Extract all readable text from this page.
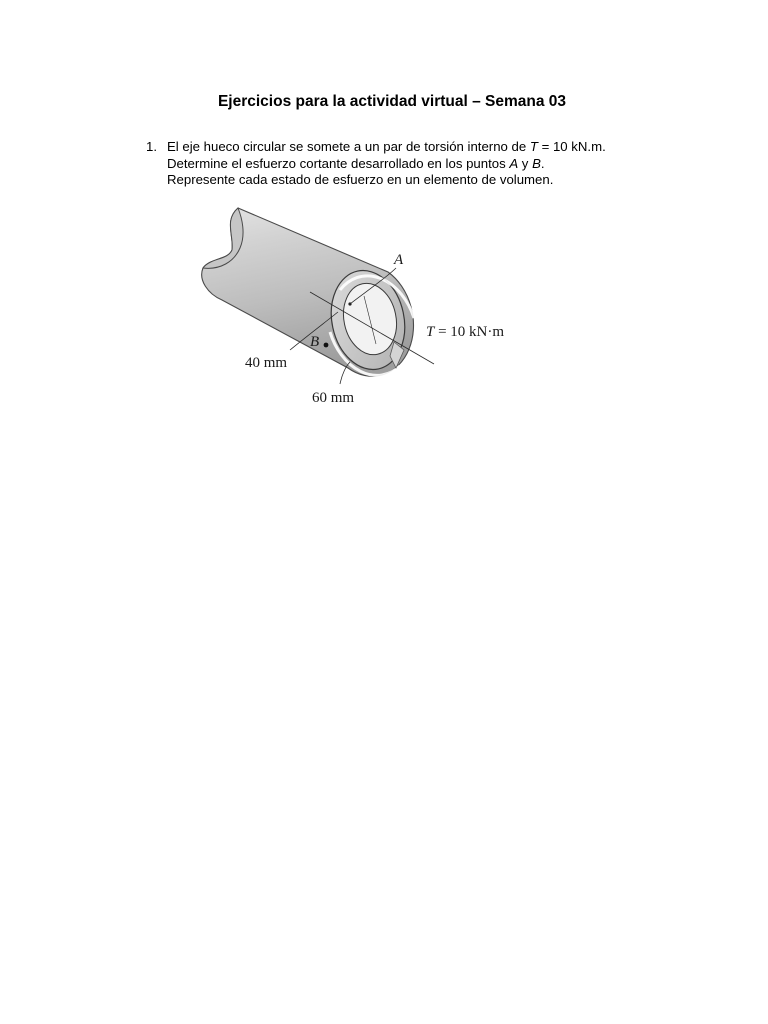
Ejercicios para la actividad virtual – Semana 03
1. El eje hueco circular se somete a un par de torsión interno de T = 10 kN.m.
Determine el esfuerzo cortante desarrollado en los puntos A y B.
Represente cada estado de esfuerzo en un elemento de volumen.
A
B
T = 10 kN·m
40 mm
60 mm
